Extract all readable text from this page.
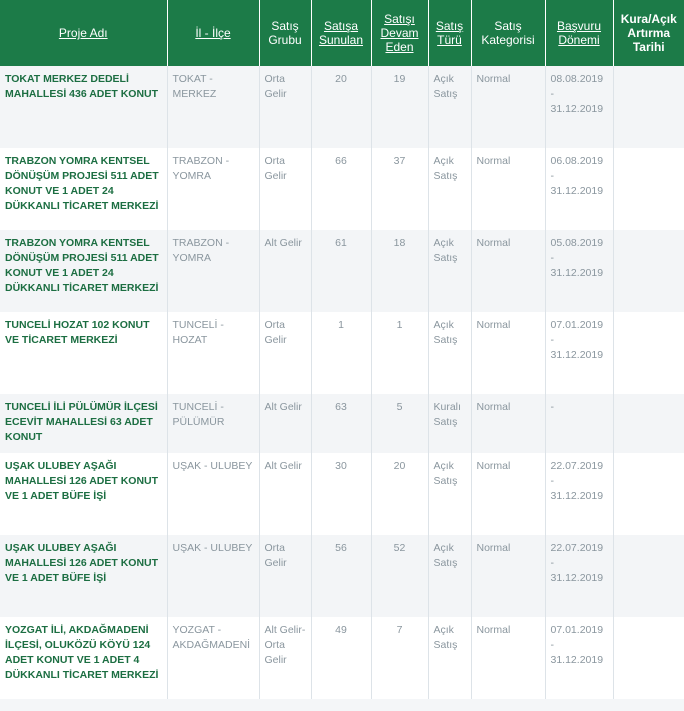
Proje Adı	İl - İlçe	Satış Grubu	Satışa Sunulan	Satışı Devam Eden	Satış Türü	Satış Kategorisi	Başvuru Dönemi	Kura/Açık Artırma Tarihi
TOKAT MERKEZ DEDELİ MAHALLESİ 436 ADET KONUT	TOKAT - MERKEZ	Orta Gelir	20	19	Açık Satış	Normal	08.08.2019 - 31.12.2019	
TRABZON YOMRA KENTSEL DÖNÜŞÜM PROJESİ 511 ADET KONUT VE 1 ADET 24 DÜKKANLI TİCARET MERKEZİ	TRABZON - YOMRA	Orta Gelir	66	37	Açık Satış	Normal	06.08.2019 - 31.12.2019	
TRABZON YOMRA KENTSEL DÖNÜŞÜM PROJESİ 511 ADET KONUT VE 1 ADET 24 DÜKKANLI TİCARET MERKEZİ	TRABZON - YOMRA	Alt Gelir	61	18	Açık Satış	Normal	05.08.2019 - 31.12.2019	
TUNCELİ HOZAT 102 KONUT VE TİCARET MERKEZİ	TUNCELİ - HOZAT	Orta Gelir	1	1	Açık Satış	Normal	07.01.2019 - 31.12.2019	
TUNCELİ İLİ PÜLÜMÜR İLÇESİ ECEVİT MAHALLESİ 63 ADET KONUT	TUNCELİ - PÜLÜMÜR	Alt Gelir	63	5	Kuralı Satış	Normal	-	
UŞAK ULUBEY AŞAĞI MAHALLESİ 126 ADET KONUT VE 1 ADET BÜFE İŞİ	UŞAK - ULUBEY	Alt Gelir	30	20	Açık Satış	Normal	22.07.2019 - 31.12.2019	
UŞAK ULUBEY AŞAĞI MAHALLESİ 126 ADET KONUT VE 1 ADET BÜFE İŞİ	UŞAK - ULUBEY	Orta Gelir	56	52	Açık Satış	Normal	22.07.2019 - 31.12.2019	
YOZGAT İLİ, AKDAĞMADENİ İLÇESİ, OLUKÖZÜ KÖYÜ 124 ADET KONUT VE 1 ADET 4 DÜKKANLI TİCARET MERKEZİ	YOZGAT - AKDAĞMADENİ	Alt Gelir-Orta Gelir	49	7	Açık Satış	Normal	07.01.2019 - 31.12.2019	
